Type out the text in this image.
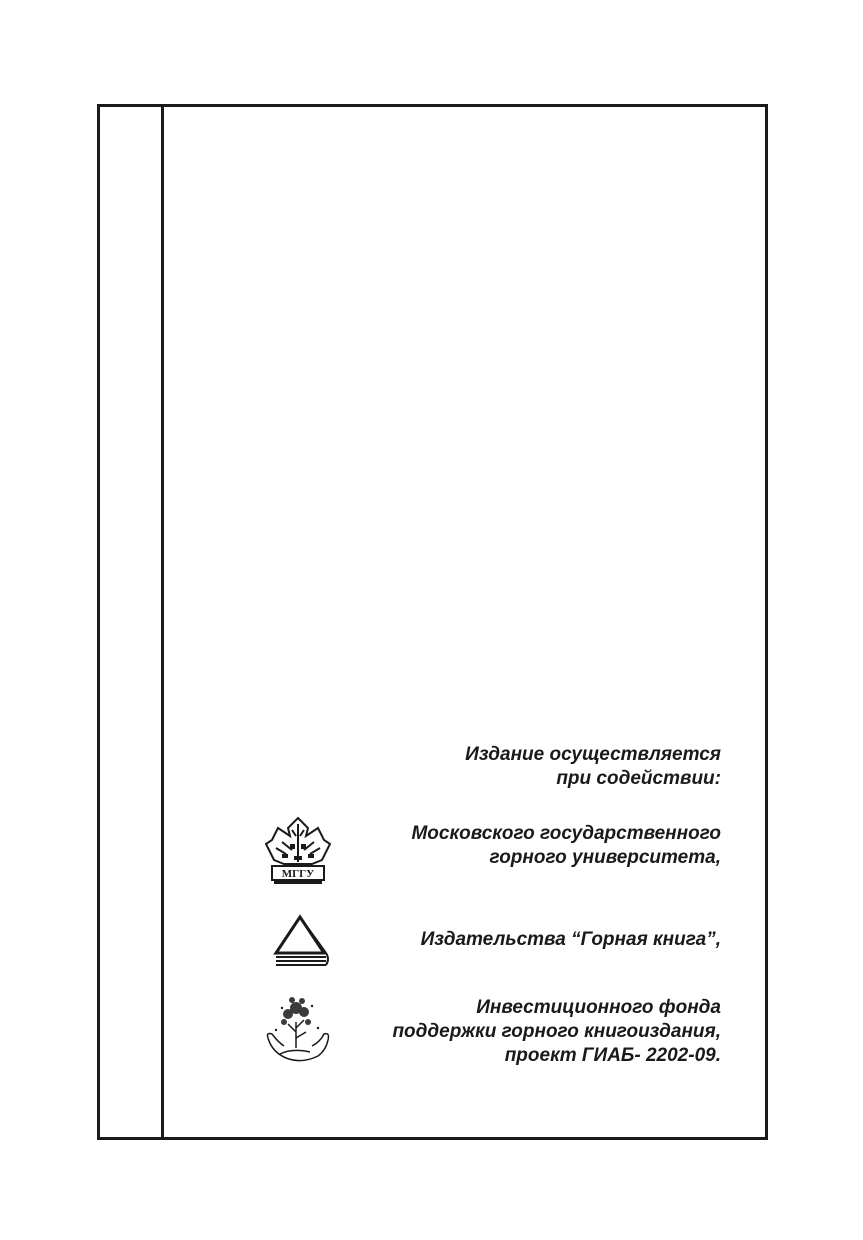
Издание осуществляется
при содействии:
МГГУ
Московского государственного
горного университета,
Издательства “Горная книга”,
Инвестиционного фонда
поддержки горного книгоиздания,
проект ГИАБ- 2202-09.
